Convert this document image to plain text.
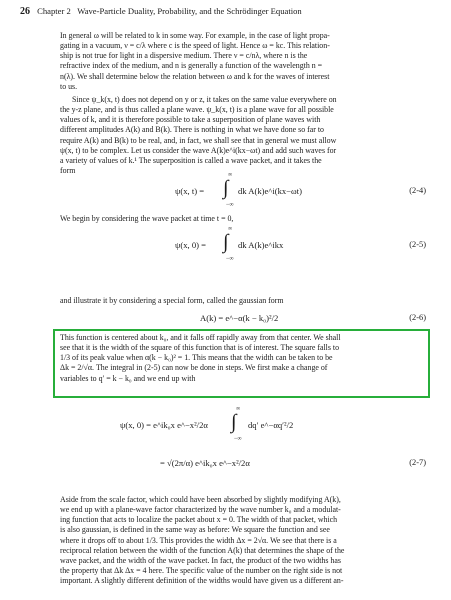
26 Chapter 2 Wave-Particle Duality, Probability, and the Schrödinger Equation
In general ω will be related to k in some way. For example, in the case of light propa-
gating in a vacuum, ν = c/λ where c is the speed of light. Hence ω = kc. This relation-
ship is not true for light in a dispersive medium. There ν = c/nλ, where n is the
refractive index of the medium, and n is generally a function of the wavelength n =
n(λ). We shall determine below the relation between ω and k for the waves of interest
to us.
Since ψ_k(x, t) does not depend on y or z, it takes on the same value everywhere on
the y-z plane, and is thus called a plane wave. ψ_k(x, t) is a plane wave for all possible
values of k, and it is therefore possible to take a superposition of plane waves with
different amplitudes A(k) and B(k). There is nothing in what we have done so far to
require A(k) and B(k) to be real, and, in fact, we shall see that in general we must allow
ψ(x, t) to be complex. Let us consider the wave A(k)e^i(kx−ωt) and add such waves for
a variety of values of k.¹ The superposition is called a wave packet, and it takes the
form
ψ(x, t) =
∞
∫
−∞
dk A(k)e^i(kx−ωt)	(2-4)
We begin by considering the wave packet at time t = 0,
ψ(x, 0) =
∞
∫
−∞
dk A(k)e^ikx	(2-5)
and illustrate it by considering a special form, called the gaussian form
A(k) = e^−α(k − k₀)²/2	(2-6)
This function is centered about k₀, and it falls off rapidly away from that center. We shall
see that it is the width of the square of this function that is of interest. The square falls to
1/3 of its peak value when α(k − k₀)² = 1. This means that the width can be taken to be
Δk = 2/√α. The integral in (2-5) can now be done in steps. We first make a change of
variables to q′ = k − k₀ and we end up with
ψ(x, 0) = e^ik₀x e^−x²/2α
∞
∫
−∞
dq′ e^−αq′²/2
= √(2π/α) e^ik₀x e^−x²/2α	(2-7)
Aside from the scale factor, which could have been absorbed by slightly modifying A(k),
we end up with a plane-wave factor characterized by the wave number k₀ and a modulat-
ing function that acts to localize the packet about x = 0. The width of that packet, which
is also gaussian, is defined in the same way as before: We square the function and see
where it drops off to about 1/3. This provides the width Δx = 2√α. We see that there is a
reciprocal relation between the width of the function A(k) that determines the shape of the
wave packet, and the width of the wave packet. In fact, the product of the two widths has
the property that Δk Δx = 4 here. The specific value of the number on the right side is not
important. A slightly different definition of the widths would have given us a different an-
